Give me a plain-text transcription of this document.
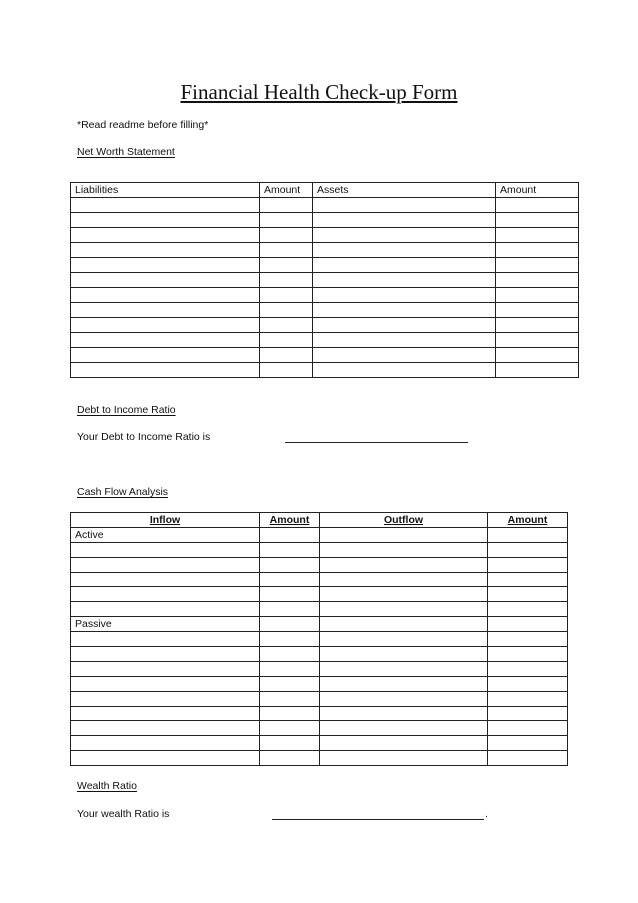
Financial Health Check-up Form
*Read readme before filling*
Net Worth Statement
Liabilities	Amount	Assets	Amount

Debt to Income Ratio
Your Debt to Income Ratio is
Cash Flow Analysis
Inflow	Amount	Outflow	Amount
Active			

Passive			

Wealth Ratio
Your wealth Ratio is	.
